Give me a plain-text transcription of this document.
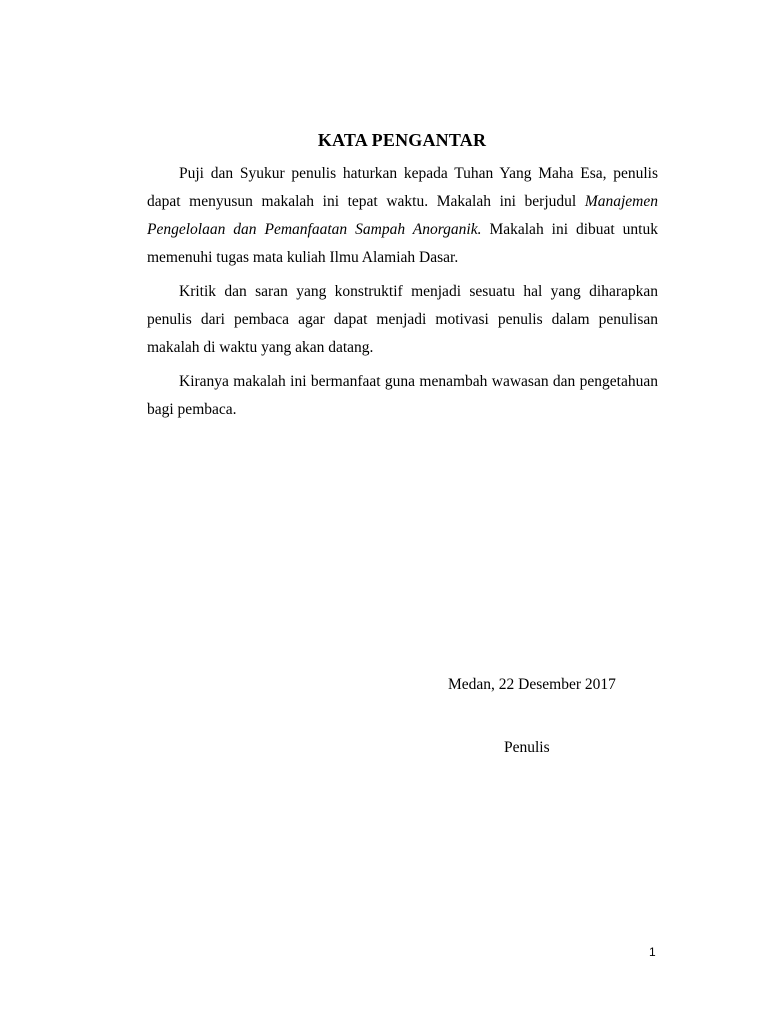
KATA PENGANTAR

Puji dan Syukur penulis haturkan kepada Tuhan Yang Maha Esa, penulis dapat menyusun makalah ini tepat waktu. Makalah ini berjudul Manajemen Pengelolaan dan Pemanfaatan Sampah Anorganik. Makalah ini dibuat untuk memenuhi tugas mata kuliah Ilmu Alamiah Dasar.

Kritik dan saran yang konstruktif menjadi sesuatu hal yang diharapkan penulis dari pembaca agar dapat menjadi motivasi penulis dalam penulisan makalah di waktu yang akan datang.

Kiranya makalah ini bermanfaat guna menambah wawasan dan pengetahuan bagi pembaca.

Medan, 22 Desember 2017
Penulis
1
